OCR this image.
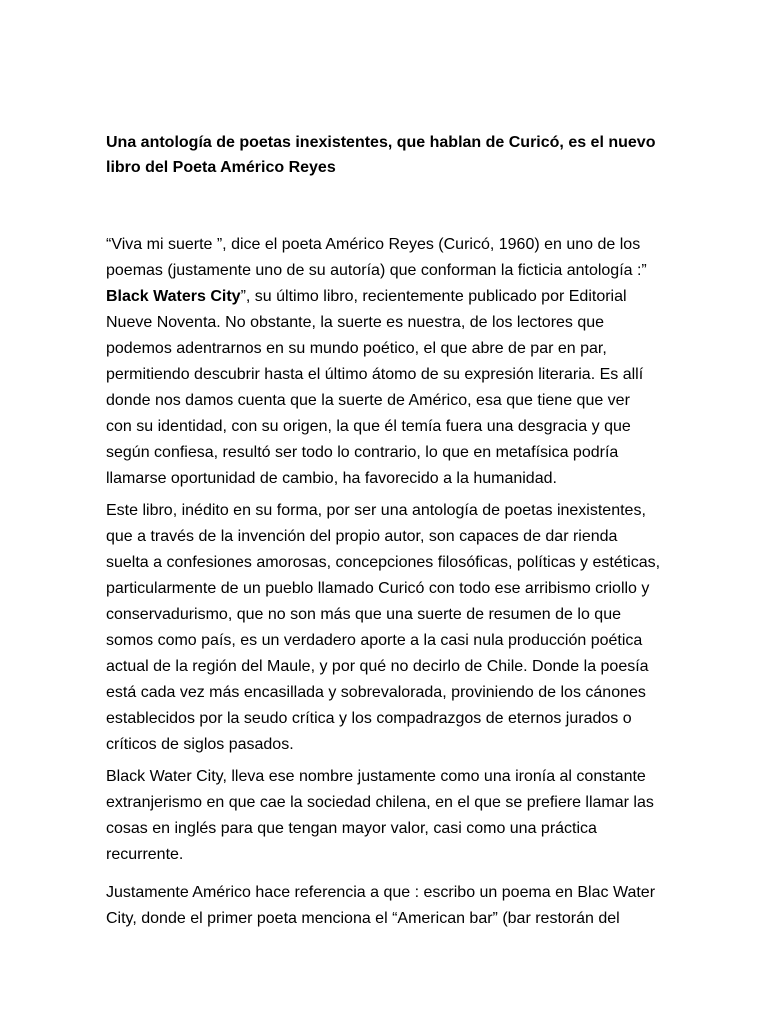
Una antología de poetas inexistentes, que hablan de Curicó, es el nuevo
libro del Poeta Américo Reyes
“Viva mi suerte ”, dice el poeta Américo Reyes (Curicó, 1960) en uno de los
poemas (justamente uno de su autoría) que conforman la ficticia antología :”
Black Waters City”, su último libro, recientemente publicado por Editorial
Nueve Noventa. No obstante, la suerte es nuestra, de los lectores que
podemos adentrarnos en su mundo poético, el que abre de par en par,
permitiendo descubrir hasta el último átomo de su expresión literaria. Es allí
donde nos damos cuenta que la suerte de Américo, esa que tiene que ver
con su identidad, con su origen, la que él temía fuera una desgracia y que
según confiesa, resultó ser todo lo contrario, lo que en metafísica podría
llamarse oportunidad de cambio, ha favorecido a la humanidad.
Este libro, inédito en su forma, por ser una antología de poetas inexistentes,
que a través de la invención del propio autor, son capaces de dar rienda
suelta a confesiones amorosas, concepciones filosóficas, políticas y estéticas,
particularmente de un pueblo llamado Curicó con todo ese arribismo criollo y
conservadurismo, que no son más que una suerte de resumen de lo que
somos como país, es un verdadero aporte a la casi nula producción poética
actual de la región del Maule, y por qué no decirlo de Chile. Donde la poesía
está cada vez más encasillada y sobrevalorada, proviniendo de los cánones
establecidos por la seudo crítica y los compadrazgos de eternos jurados o
críticos de siglos pasados.
Black Water City, lleva ese nombre justamente como una ironía al constante
extranjerismo en que cae la sociedad chilena, en el que se prefiere llamar las
cosas en inglés para que tengan mayor valor, casi como una práctica
recurrente.
Justamente Américo hace referencia a que : escribo un poema en Blac Water
City, donde el primer poeta menciona el “American bar” (bar restorán del
